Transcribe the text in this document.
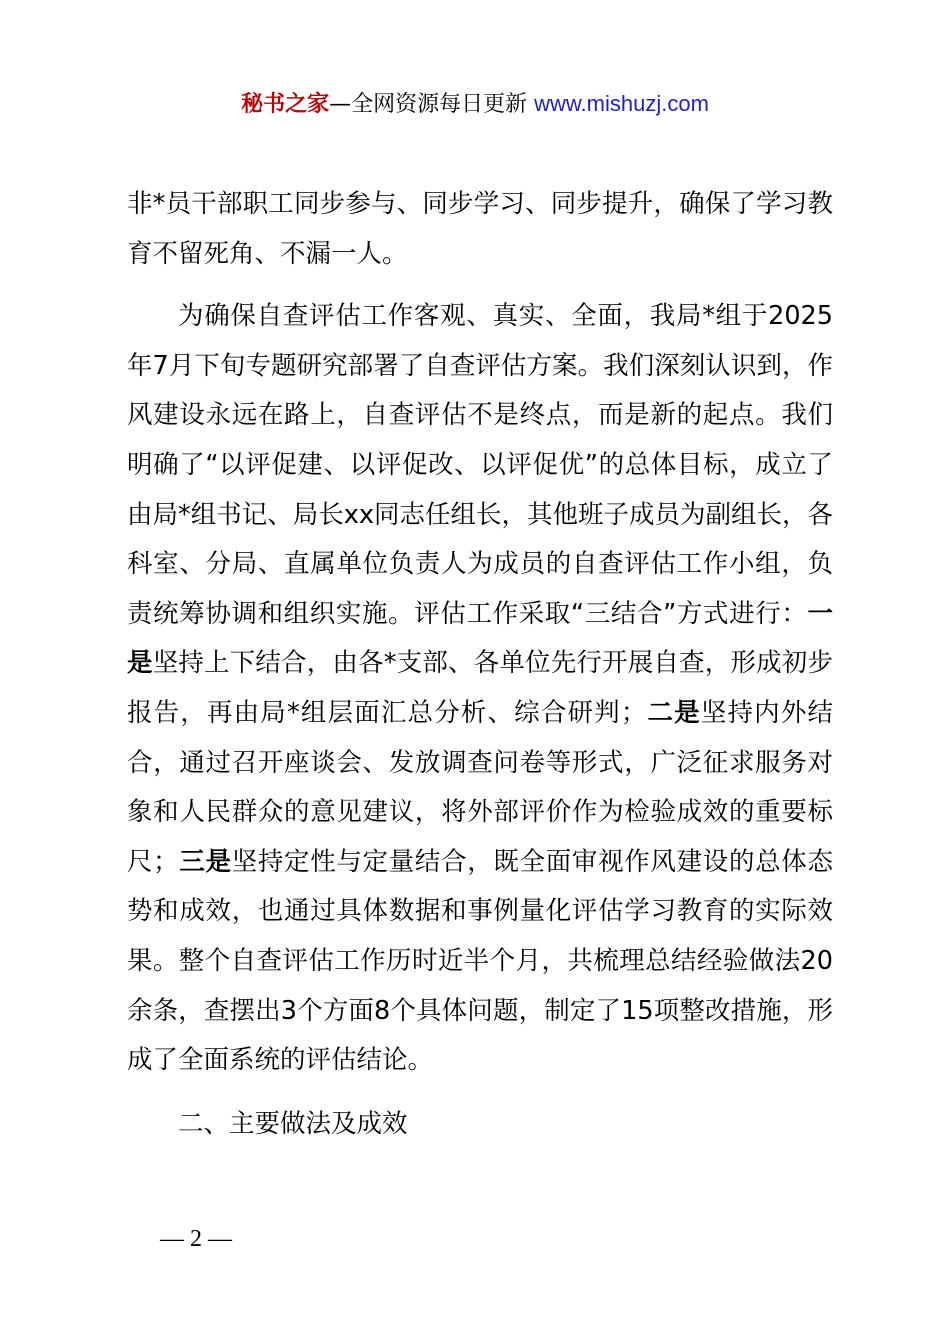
秘书之家—全网资源每日更新 www.mishuzj.com

非*员干部职工同步参与、同步学习、同步提升，确保了学习教育不留死角、不漏一人。

为确保自查评估工作客观、真实、全面，我局*组于2025年7月下旬专题研究部署了自查评估方案。我们深刻认识到，作风建设永远在路上，自查评估不是终点，而是新的起点。我们明确了“以评促建、以评促改、以评促优”的总体目标，成立了由局*组书记、局长xx同志任组长，其他班子成员为副组长，各科室、分局、直属单位负责人为成员的自查评估工作小组，负责统筹协调和组织实施。评估工作采取“三结合”方式进行：一是坚持上下结合，由各*支部、各单位先行开展自查，形成初步报告，再由局*组层面汇总分析、综合研判；二是坚持内外结合，通过召开座谈会、发放调查问卷等形式，广泛征求服务对象和人民群众的意见建议，将外部评价作为检验成效的重要标尺；三是坚持定性与定量结合，既全面审视作风建设的总体态势和成效，也通过具体数据和事例量化评估学习教育的实际效果。整个自查评估工作历时近半个月，共梳理总结经验做法20余条，查摆出3个方面8个具体问题，制定了15项整改措施，形成了全面系统的评估结论。

二、主要做法及成效

— 2 —
